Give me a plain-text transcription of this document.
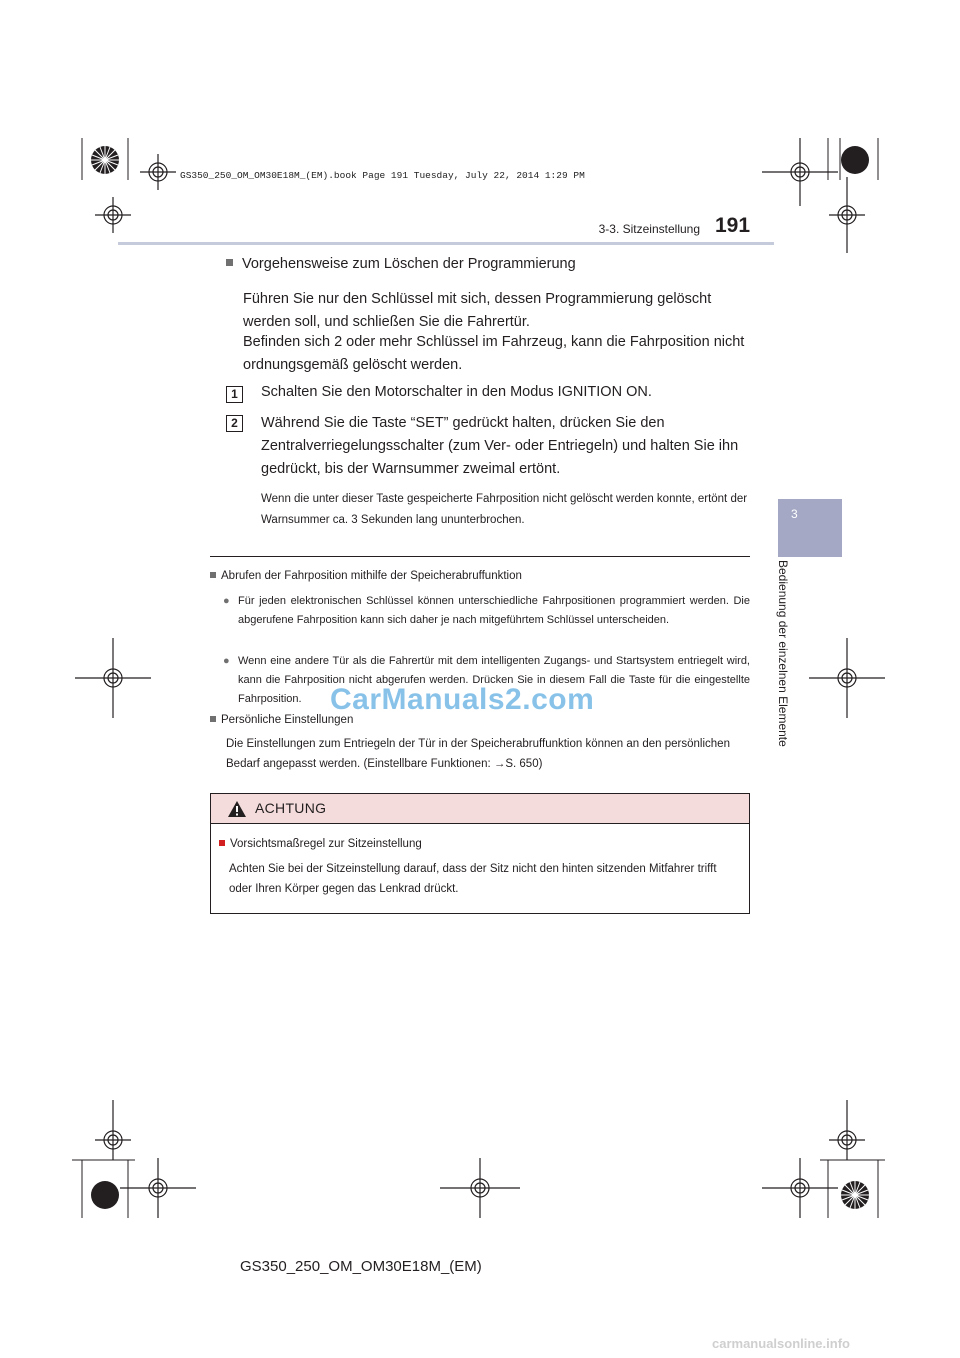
GS350_250_OM_OM30E18M_(EM).book Page 191 Tuesday, July 22, 2014 1:29 PM
3-3. Sitzeinstellung 191
3
Bedienung der einzelnen Elemente
Vorgehensweise zum Löschen der Programmierung
Führen Sie nur den Schlüssel mit sich, dessen Programmierung gelöscht werden soll, und schließen Sie die Fahrertür.
Befinden sich 2 oder mehr Schlüssel im Fahrzeug, kann die Fahrposition nicht ordnungsgemäß gelöscht werden.
1	Schalten Sie den Motorschalter in den Modus IGNITION ON.
2	Während Sie die Taste “SET” gedrückt halten, drücken Sie den Zentralverriegelungsschalter (zum Ver- oder Entriegeln) und halten Sie ihn gedrückt, bis der Warnsummer zweimal ertönt.
Wenn die unter dieser Taste gespeicherte Fahrposition nicht gelöscht werden konnte, ertönt der Warnsummer ca. 3 Sekunden lang ununterbrochen.
Abrufen der Fahrposition mithilfe der Speicherabruffunktion
● Für jeden elektronischen Schlüssel können unterschiedliche Fahrpositionen programmiert werden. Die abgerufene Fahrposition kann sich daher je nach mitgeführtem Schlüssel unterscheiden.

● Wenn eine andere Tür als die Fahrertür mit dem intelligenten Zugangs- und Startsystem entriegelt wird, kann die Fahrposition nicht abgerufen werden. Drücken Sie in diesem Fall die Taste für die eingestellte Fahrposition.

Persönliche Einstellungen
Die Einstellungen zum Entriegeln der Tür in der Speicherabruffunktion können an den persönlichen Bedarf angepasst werden. (Einstellbare Funktionen: →S. 650)
ACHTUNG
Vorsichtsmaßregel zur Sitzeinstellung
Achten Sie bei der Sitzeinstellung darauf, dass der Sitz nicht den hinten sitzenden Mitfahrer trifft oder Ihren Körper gegen das Lenkrad drückt.
CarManuals2.com
GS350_250_OM_OM30E18M_(EM)
carmanualsonline.info
